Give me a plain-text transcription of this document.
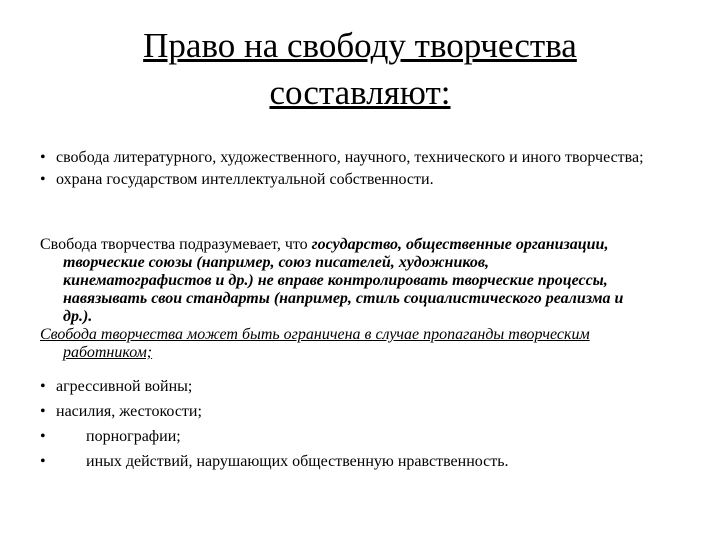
Право на свободу творчества
составляют:
• свобода литературного, художественного, научного, технического и иного творчества;
• охрана государством интеллектуальной собственности.

Свобода творчества подразумевает, что государство, общественные организации, творческие союзы (например, союз писателей, художников, кинематографистов и др.) не вправе контролировать творческие процессы, навязывать свои стандарты (например, стиль социалистического реализма и др.).

Свобода творчества может быть ограничена в случае пропаганды творческим работником;

• агрессивной войны;
• насилия, жестокости;
• порнографии;
• иных действий, нарушающих общественную нравственность.
